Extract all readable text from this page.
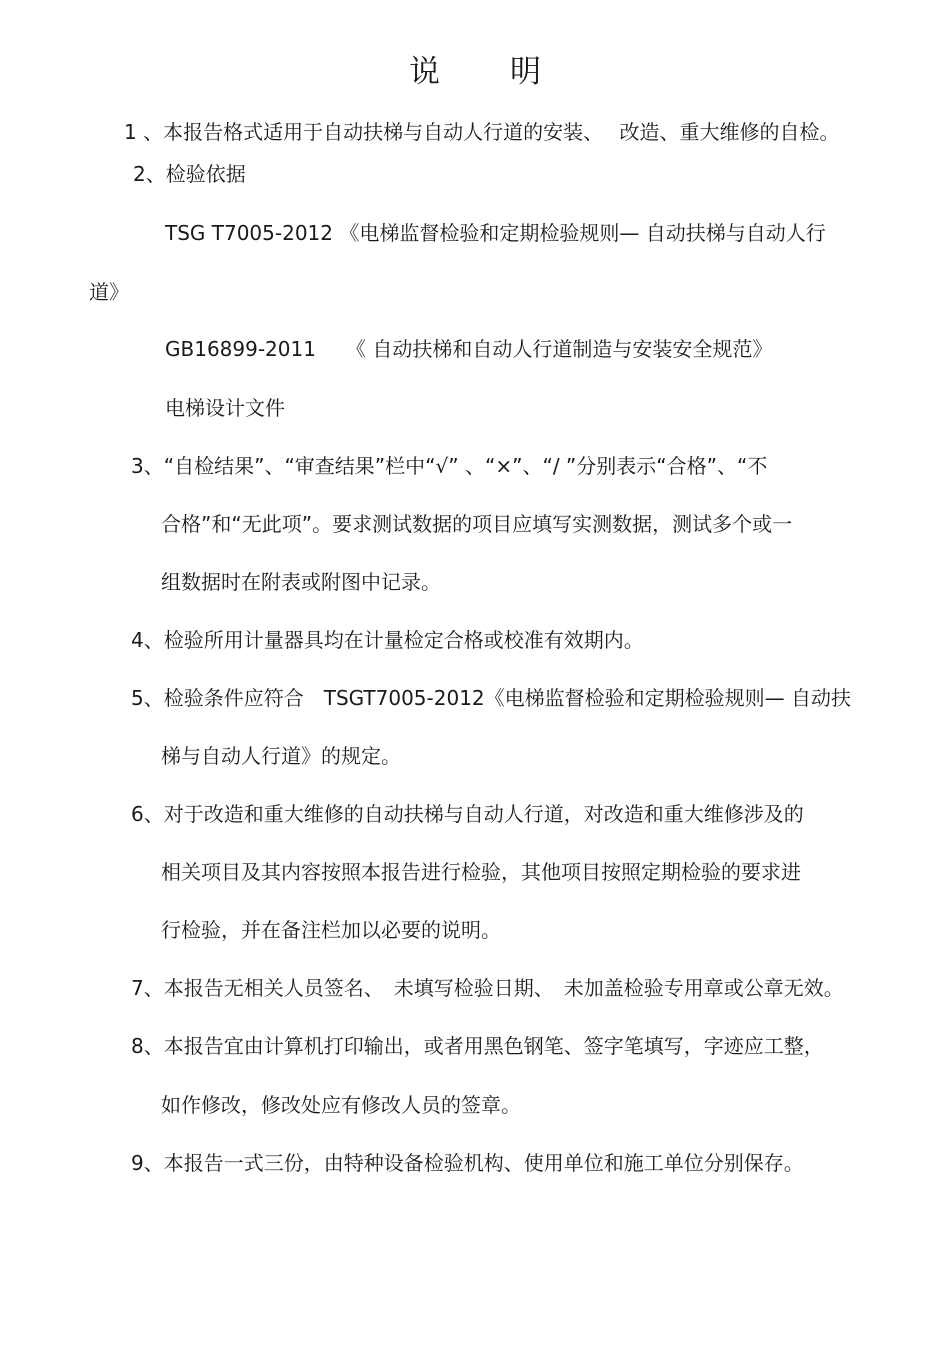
说明
1 、本报告格式适用于自动扶梯与自动人行道的安装、　 改造、重大维修的自检。
2、检验依据
TSG T7005-2012 《电梯监督检验和定期检验规则— 自动扶梯与自动人行
道》
GB16899-2011　　《 自动扶梯和自动人行道制造与安装安全规范》
电梯设计文件
3、“自检结果”、“审查结果”栏中“√” 、“×”、“/ ”分别表示“合格”、“不
合格”和“无此项”。要求测试数据的项目应填写实测数据，测试多个或一
组数据时在附表或附图中记录。
4、检验所用计量器具均在计量检定合格或校准有效期内。
5、检验条件应符合　TSGT7005-2012《电梯监督检验和定期检验规则— 自动扶
梯与自动人行道》的规定。
6、对于改造和重大维修的自动扶梯与自动人行道，对改造和重大维修涉及的
相关项目及其内容按照本报告进行检验，其他项目按照定期检验的要求进
行检验，并在备注栏加以必要的说明。
7、本报告无相关人员签名、　未填写检验日期、　未加盖检验专用章或公章无效。
8、本报告宜由计算机打印输出，或者用黑色钢笔、签字笔填写，字迹应工整，
如作修改，修改处应有修改人员的签章。
9、本报告一式三份，由特种设备检验机构、使用单位和施工单位分别保存。
